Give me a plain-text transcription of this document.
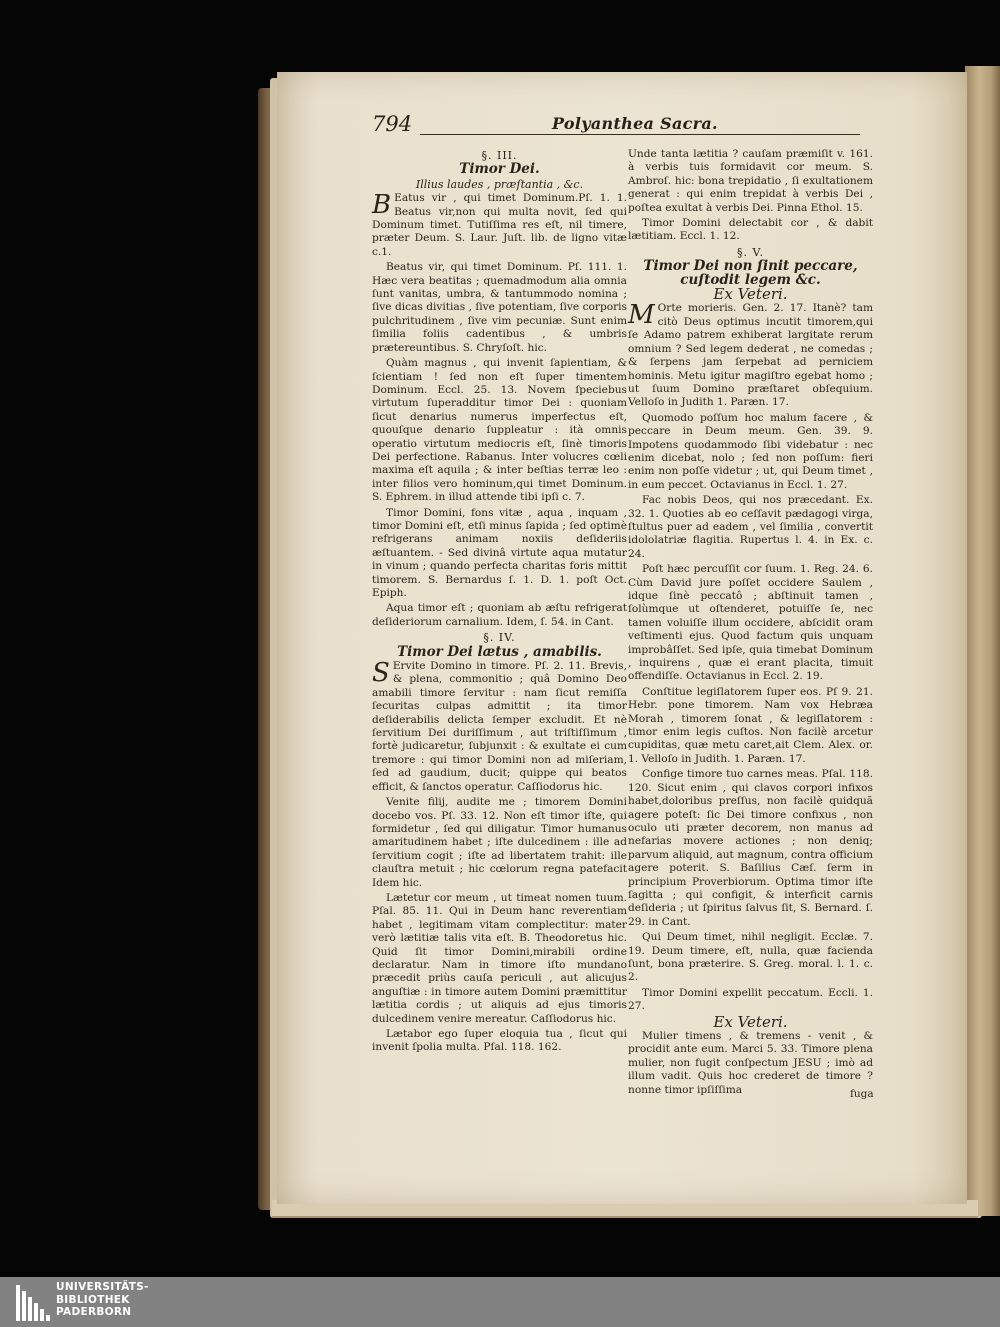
794	Polyanthea Sacra.
§. III.
Timor Dei.
Illius laudes , præſtantia , &c.

B Eatus vir , qui timet Dominum.Pſ. 1. 1. Beatus vir,non qui multa novit, ſed qui Dominum timet. Tutiſſima res eſt, nil timere, præter Deum. S. Laur. Juſt. lib. de ligno vitæ c.1.

Beatus vir, qui timet Dominum. Pſ. 111. 1. Hæc vera beatitas ; quemadmodum alia omnia ſunt vanitas, umbra, & tantummodo nomina ; ſive dicas divitias , ſive potentiam, ſive corporis pulchritudinem , ſive vim pecuniæ. Sunt enim ſimilia foliis cadentibus , & umbris prætereuntibus. S. Chryſoſt. hic.

Quàm magnus , qui invenit ſapientiam, & ſcientiam ! ſed non eſt ſuper timentem Dominum. Eccl. 25. 13. Novem ſpeciebus virtutum ſuperadditur timor Dei : quoniam ſicut denarius numerus imperfectus eſt, quouſque denario ſuppleatur : ità omnis operatio virtutum mediocris eſt, ſinè timoris Dei perfectione. Rabanus. Inter volucres cœli maxima eſt aquila ; & inter beſtias terræ leo : inter filios vero hominum,qui timet Dominum. S. Ephrem. in illud attende tibi ipſi c. 7.

Timor Domini, fons vitæ , aqua , inquam , timor Domini eſt, etſi minus ſapida ; ſed optimè refrigerans animam noxiis deſideriis æſtuantem. - Sed divinâ virtute aqua mutatur in vinum ; quando perfecta charitas foris mittit timorem. S. Bernardus ſ. 1. D. 1. poſt Oct. Epiph.

Aqua timor eſt ; quoniam ab æſtu refrigerat deſideriorum carnalium. Idem, ſ. 54. in Cant.

§. IV.
Timor Dei lætus , amabilis.

S Ervite Domino in timore. Pſ. 2. 11. Brevis, & plena, commonitio ; quâ Domino Deo amabili timore ſervitur : nam ſicut remiſſa ſecuritas culpas admittit ; ita timor deſiderabilis delicta ſemper excludit. Et nè ſervitium Dei duriſſimum , aut triſtiſſimum , fortè judicaretur, ſubjunxit : & exultate ei cum tremore : qui timor Domini non ad miſeriam, ſed ad gaudium, ducit; quippe qui beatos efficit, & ſanctos operatur. Caſſiodorus hic.

Venite filij, audite me ; timorem Domini docebo vos. Pſ. 33. 12. Non eſt timor iſte, qui formidetur , ſed qui diligatur. Timor humanus amaritudinem habet ; iſte dulcedinem : ille ad ſervitium cogit ; iſte ad libertatem trahit: ille clauſtra metuit ; hic cœlorum regna patefacit Idem hic.

Lætetur cor meum , ut timeat nomen tuum. Pſal. 85. 11. Qui in Deum hanc reverentiam habet , legitimam vitam complectitur: mater verò lætitiæ talis vita eſt. B. Theodoretus hic. Quid ſit timor Domini,mirabili ordine declaratur. Nam in timore iſto mundano præcedit priùs cauſa periculi , aut alicujus anguſtiæ : in timore autem Domini præmittitur lætitia cordis ; ut aliquis ad ejus timoris dulcedinem venire mereatur. Caſſiodorus hic.

Lætabor ego ſuper eloquia tua , ſicut qui invenit ſpolia multa. Pſal. 118. 162.

Unde tanta lætitia ? cauſam præmiſit v. 161. à verbis tuis formidavit cor meum. S. Ambroſ. hic: bona trepidatio , ſi exultationem generat : qui enim trepidat à verbis Dei , poſtea exultat à verbis Dei. Pinna Ethol. 15.

Timor Domini delectabit cor , & dabit lætitiam. Eccl. 1. 12.

§. V.
Timor Dei non ſinit peccare, cuſtodit legem &c.
Ex Veteri.

M Orte morieris. Gen. 2. 17. Itanè? tam citò Deus optimus incutit timorem,qui ſe Adamo patrem exhiberat largitate rerum omnium ? Sed legem dederat , ne comedas ; & ſerpens jam ſerpebat ad perniciem hominis. Metu igitur magiſtro egebat homo ; ut ſuum Domino præſtaret obſequium. Velloſo in Judith 1. Paræn. 17.

Quomodo poſſum hoc malum facere , & peccare in Deum meum. Gen. 39. 9. Impotens quodammodo ſibi videbatur : nec enim dicebat, nolo ; ſed non poſſum: fieri enim non poſſe videtur ; ut, qui Deum timet , in eum peccet. Octavianus in Eccl. 1. 27.

Fac nobis Deos, qui nos præcedant. Ex. 32. 1. Quoties ab eo ceſſavit pædagogi virga, ſtultus puer ad eadem , vel ſimilia , convertit idololatriæ flagitia. Rupertus l. 4. in Ex. c. 24.

Poſt hæc percuſſit cor ſuum. 1. Reg. 24. 6. Cùm David jure poſſet occidere Saulem , idque ſinè peccatô ; abſtinuit tamen , ſolùmque ut oſtenderet, potuiſſe ſe, nec tamen voluiſſe illum occidere, abſcidit oram veſtimenti ejus. Quod factum quis unquam improbâſſet. Sed ipſe, quia timebat Dominum , inquirens , quæ ei erant placita, timuit offendiſſe. Octavianus in Eccl. 2. 19.

Conſtitue legiſlatorem ſuper eos. Pſ 9. 21. Hebr. pone timorem. Nam vox Hebræa Morah , timorem ſonat , & legiſlatorem : timor enim legis cuſtos. Non facilè arcetur cupiditas, quæ metu caret,ait Clem. Alex. or. 1. Velloſo in Judith. 1. Paræn. 17.

Confige timore tuo carnes meas. Pſal. 118. 120. Sicut enim , qui clavos corpori infixos habet,doloribus preſſus, non facilè quidquã agere poteſt: ſic Dei timore confixus , non oculo uti præter decorem, non manus ad nefarias movere actiones ; non deniq; parvum aliquid, aut magnum, contra officium agere poterit. S. Baſilius Cæſ. ſerm in principium Proverbiorum. Optima timor iſte ſagitta ; qui configit, & interficit carnis deſideria ; ut ſpiritus ſalvus ſit, S. Bernard. ſ. 29. in Cant.

Qui Deum timet, nihil negligit. Ecclæ. 7. 19. Deum timere, eſt, nulla, quæ facienda ſunt, bona præterire. S. Greg. moral. l. 1. c. 2.

Timor Domini expellit peccatum. Eccli. 1. 27.

Ex Veteri.

Mulier timens , & tremens - venit , & procidit ante eum. Marci 5. 33. Timore plena mulier, non fugit conſpectum JESU ; imò ad illum vadit. Quis hoc crederet de timore ? nonne timor ipſiſſima	fuga
UNIVERSITÄTS-
BIBLIOTHEK
PADERBORN
